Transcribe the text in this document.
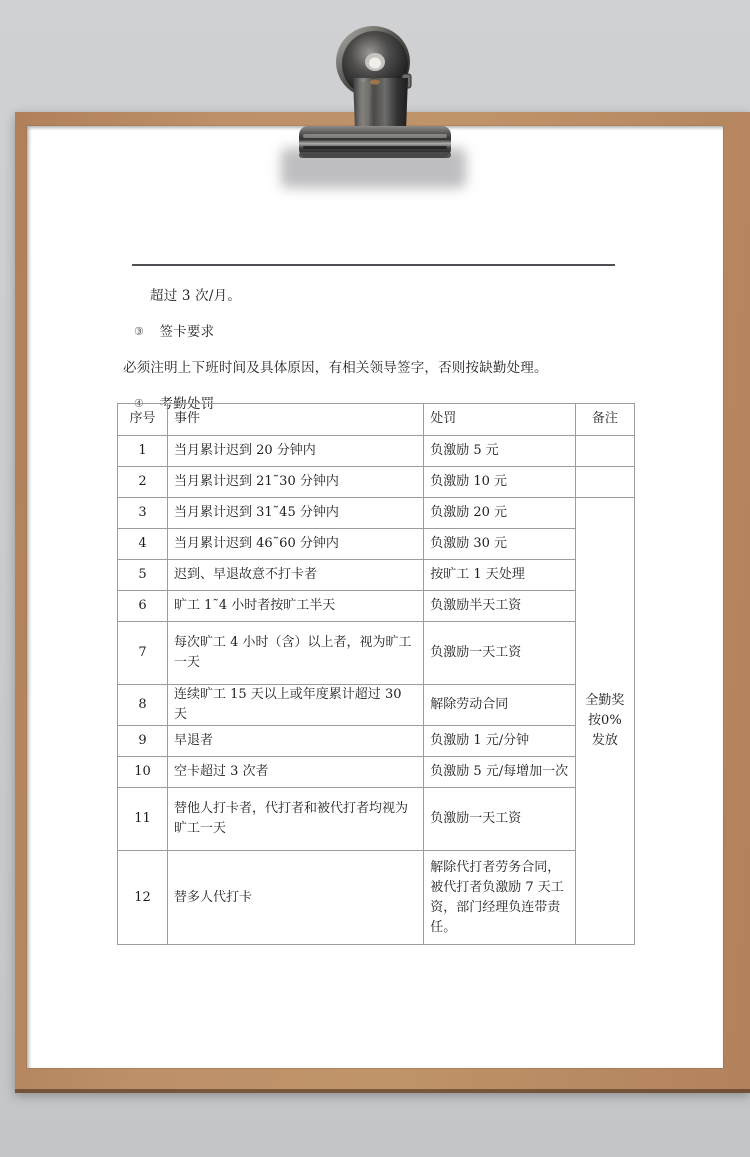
超过 3 次/月。
③ 签卡要求
必须注明上下班时间及具体原因，有相关领导签字，否则按缺勤处理。
④ 考勤处罚
序号	事件	处罚	备注
1	当月累计迟到 20 分钟内	负激励 5 元	
2	当月累计迟到 21˜30 分钟内	负激励 10 元	
3	当月累计迟到 31˜45 分钟内	负激励 20 元	全勤奖按0%发放
4	当月累计迟到 46˜60 分钟内	负激励 30 元	
5	迟到、早退故意不打卡者	按旷工 1 天处理	
6	旷工 1˜4 小时者按旷工半天	负激励半天工资	
7	每次旷工 4 小时（含）以上者，视为旷工一天	负激励一天工资	
8	连续旷工 15 天以上或年度累计超过 30 天	解除劳动合同	
9	早退者	负激励 1 元/分钟	
10	空卡超过 3 次者	负激励 5 元/每增加一次	
11	替他人打卡者，代打者和被代打者均视为旷工一天	负激励一天工资	
12	替多人代打卡	解除代打者劳务合同，被代打者负激励 7 天工资，部门经理负连带责任。	
